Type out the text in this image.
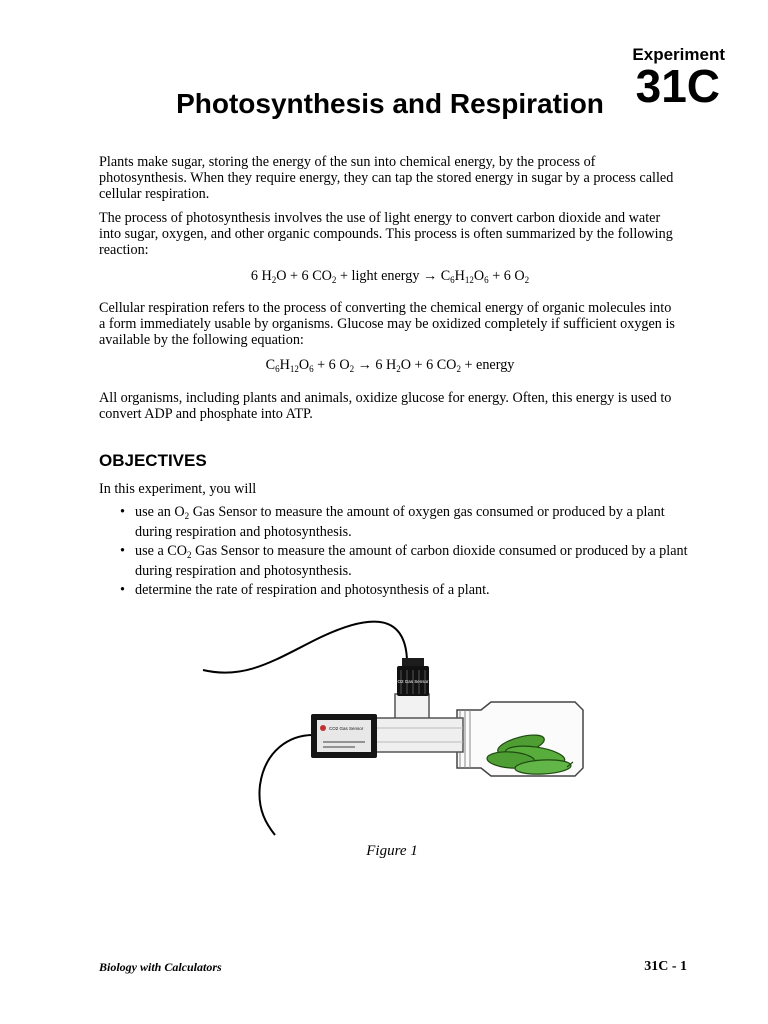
Experiment
31C
Photosynthesis and Respiration
Plants make sugar, storing the energy of the sun into chemical energy, by the process of photosynthesis. When they require energy, they can tap the stored energy in sugar by a process called cellular respiration.
The process of photosynthesis involves the use of light energy to convert carbon dioxide and water into sugar, oxygen, and other organic compounds. This process is often summarized by the following reaction:
6 $H_2O + 6$ $CO_2$ + light energy → $C_6H_{12}O_6 + 6$ $O_2$
Cellular respiration refers to the process of converting the chemical energy of organic molecules into a form immediately usable by organisms. Glucose may be oxidized completely if sufficient oxygen is available by the following equation:
$C_6H_{12}O_6 + 6$ $O_2 \to 6$ $H_2O + 6$ $CO_2$ + energy
All organisms, including plants and animals, oxidize glucose for energy. Often, this energy is used to convert ADP and phosphate into ATP.
OBJECTIVES
In this experiment, you will
• use an $O_2$ Gas Sensor to measure the amount of oxygen gas consumed or produced by a plant during respiration and photosynthesis.
• use a $CO_2$ Gas Sensor to measure the amount of carbon dioxide consumed or produced by a plant during respiration and photosynthesis.
• determine the rate of respiration and photosynthesis of a plant.
O2 Gas Sensor
CO2 Gas Sensor
Figure 1
Biology with Calculators	31C - 1
